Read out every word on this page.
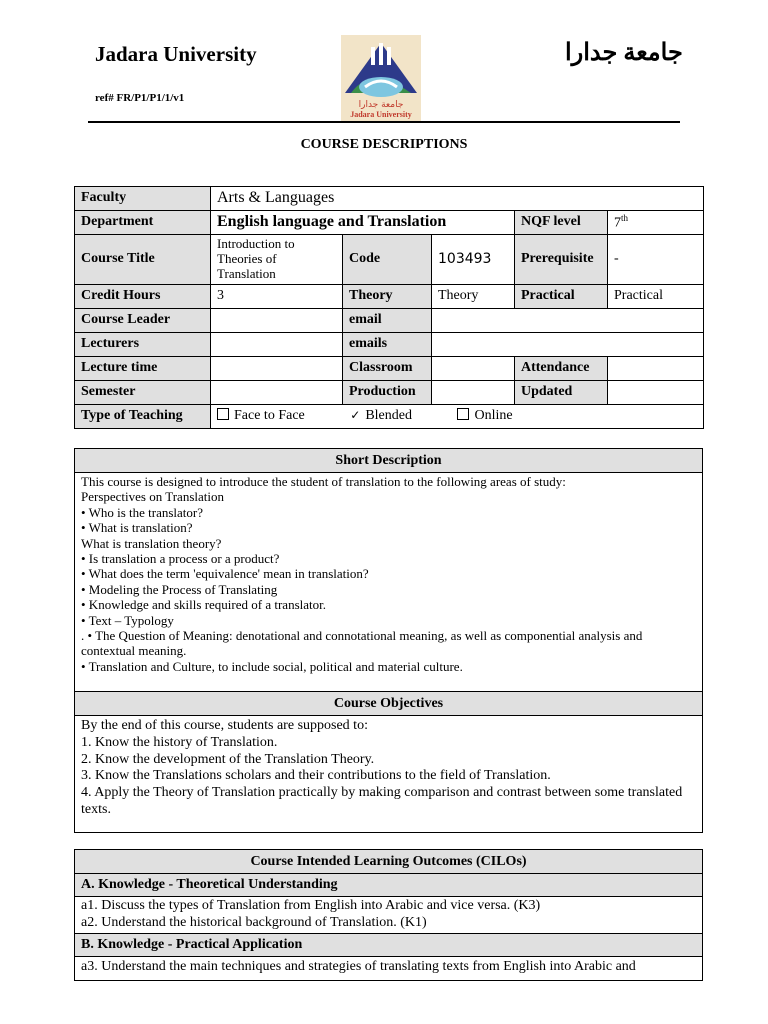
Jadara University
ref# FR/P1/P1/1/v1
جامعة جدارا
جامعة جدارا
Jadara University
COURSE DESCRIPTIONS
Faculty	Arts & Languages				
Department	English language and Translation			NQF level	7th
Course Title	Introduction to Theories of Translation	Code	103493	Prerequisite	-
Credit Hours	3	Theory	Theory	Practical	Practical
Course Leader		email			
Lecturers		emails			
Lecture time		Classroom		Attendance	
Semester		Production		Updated	
Type of Teaching	Face to Face ✓ Blended Online				
Short Description
This course is designed to introduce the student of translation to the following areas of study:
Perspectives on Translation
• Who is the translator?
• What is translation?
What is translation theory?
• Is translation a process or a product?
• What does the term 'equivalence' mean in translation?
• Modeling the Process of Translating
• Knowledge and skills required of a translator.
• Text – Typology
. • The Question of Meaning: denotational and connotational meaning, as well as componential analysis and contextual meaning.
• Translation and Culture, to include social, political and material culture.
Course Objectives
By the end of this course, students are supposed to:
1. Know the history of Translation.
2. Know the development of the Translation Theory.
3. Know the Translations scholars and their contributions to the field of Translation.
4. Apply the Theory of Translation practically by making comparison and contrast between some translated texts.
Course Intended Learning Outcomes (CILOs)
A. Knowledge - Theoretical Understanding
a1. Discuss the types of Translation from English into Arabic and vice versa. (K3)
a2. Understand the historical background of Translation. (K1)
B. Knowledge - Practical Application
a3. Understand the main techniques and strategies of translating texts from English into Arabic and
